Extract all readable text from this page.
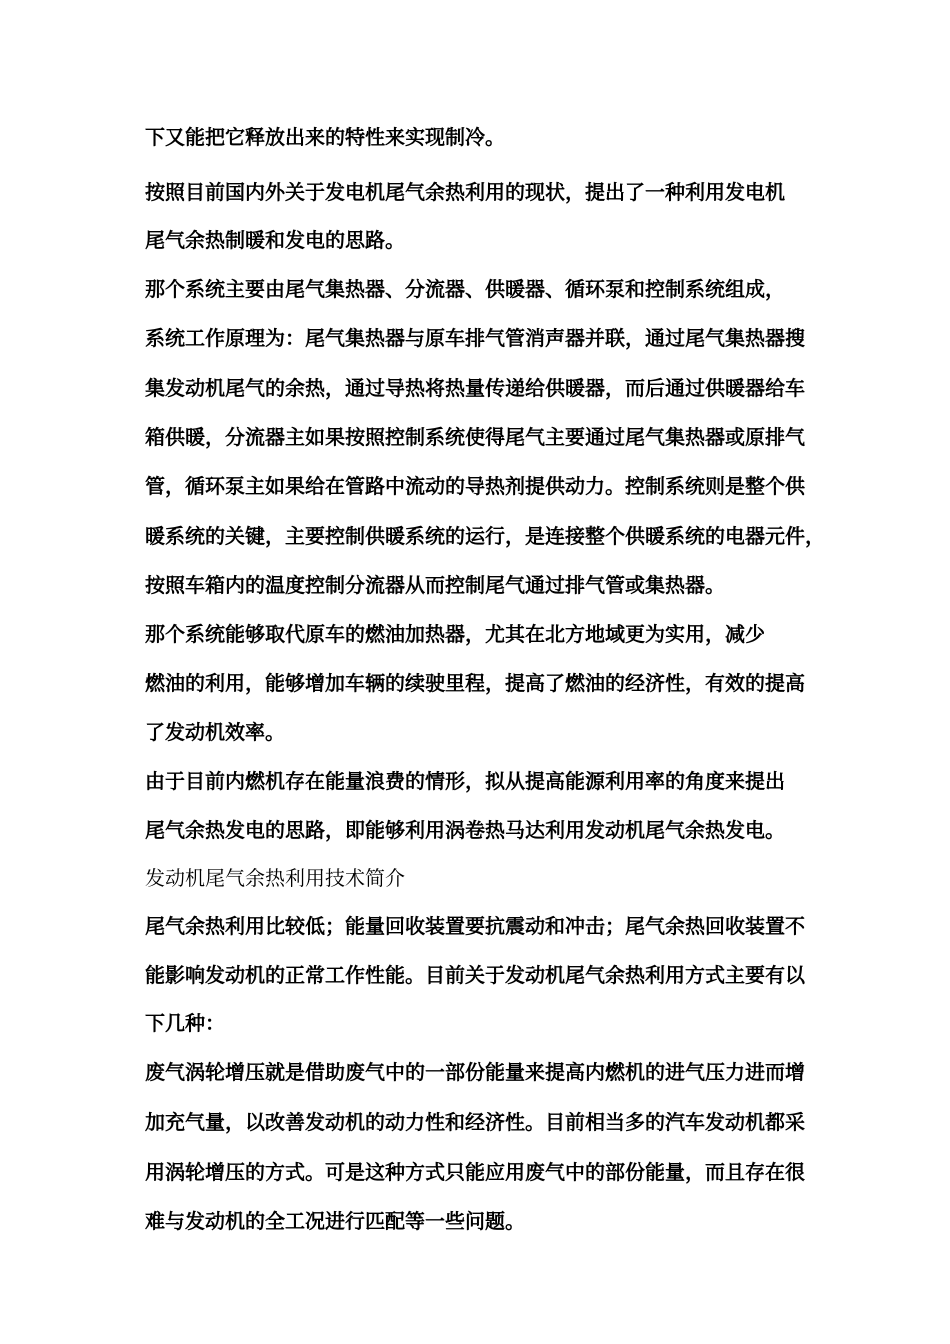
下又能把它释放出来的特性来实现制冷。
按照目前国内外关于发电机尾气余热利用的现状，提出了一种利用发电机
尾气余热制暖和发电的思路。
那个系统主要由尾气集热器、分流器、供暖器、循环泵和控制系统组成，
系统工作原理为：尾气集热器与原车排气管消声器并联，通过尾气集热器搜
集发动机尾气的余热，通过导热将热量传递给供暖器，而后通过供暖器给车
箱供暖，分流器主如果按照控制系统使得尾气主要通过尾气集热器或原排气
管，循环泵主如果给在管路中流动的导热剂提供动力。控制系统则是整个供
暖系统的关键，主要控制供暖系统的运行，是连接整个供暖系统的电器元件，
按照车箱内的温度控制分流器从而控制尾气通过排气管或集热器。
那个系统能够取代原车的燃油加热器，尤其在北方地域更为实用，减少
燃油的利用，能够增加车辆的续驶里程，提高了燃油的经济性，有效的提高
了发动机效率。
由于目前内燃机存在能量浪费的情形，拟从提高能源利用率的角度来提出
尾气余热发电的思路，即能够利用涡卷热马达利用发动机尾气余热发电。
发动机尾气余热利用技术简介
尾气余热利用比较低；能量回收装置要抗震动和冲击；尾气余热回收装置不
能影响发动机的正常工作性能。目前关于发动机尾气余热利用方式主要有以
下几种：
废气涡轮增压就是借助废气中的一部份能量来提高内燃机的进气压力进而增
加充气量，以改善发动机的动力性和经济性。目前相当多的汽车发动机都采
用涡轮增压的方式。可是这种方式只能应用废气中的部份能量，而且存在很
难与发动机的全工况进行匹配等一些问题。
